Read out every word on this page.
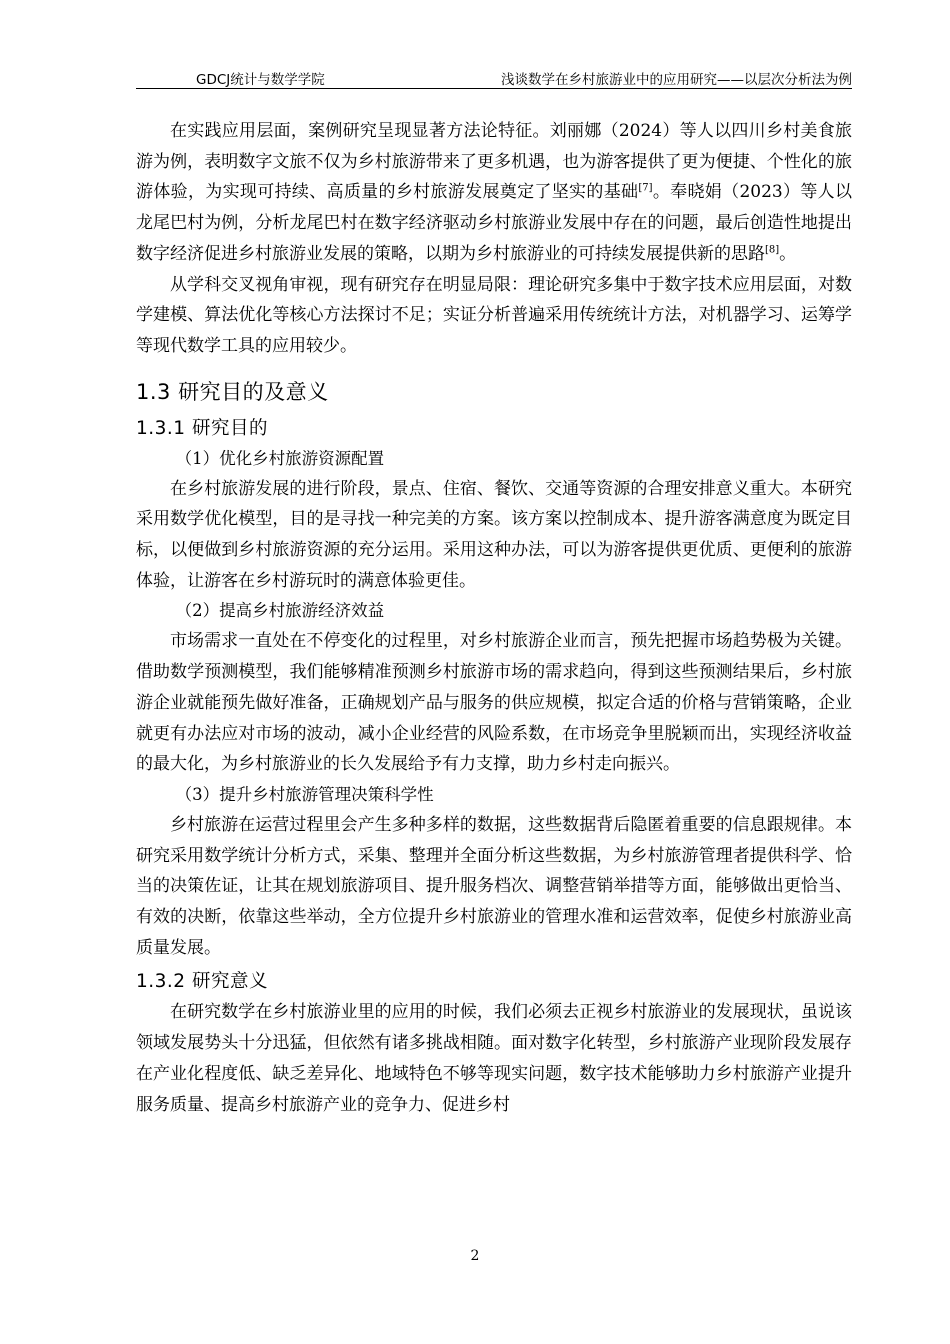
GDCJ统计与数学学院	浅谈数学在乡村旅游业中的应用研究——以层次分析法为例

在实践应用层面，案例研究呈现显著方法论特征。刘丽娜（2024）等人以四川乡村美食旅游为例，表明数字文旅不仅为乡村旅游带来了更多机遇，也为游客提供了更为便捷、个性化的旅游体验，为实现可持续、高质量的乡村旅游发展奠定了坚实的基础[7]。奉晓娟（2023）等人以龙尾巴村为例，分析龙尾巴村在数字经济驱动乡村旅游业发展中存在的问题，最后创造性地提出数字经济促进乡村旅游业发展的策略，以期为乡村旅游业的可持续发展提供新的思路[8]。

从学科交叉视角审视，现有研究存在明显局限：理论研究多集中于数字技术应用层面，对数学建模、算法优化等核心方法探讨不足；实证分析普遍采用传统统计方法，对机器学习、运筹学等现代数学工具的应用较少。

1.3 研究目的及意义
1.3.1 研究目的

（1）优化乡村旅游资源配置

在乡村旅游发展的进行阶段，景点、住宿、餐饮、交通等资源的合理安排意义重大。本研究采用数学优化模型，目的是寻找一种完美的方案。该方案以控制成本、提升游客满意度为既定目标，以便做到乡村旅游资源的充分运用。采用这种办法，可以为游客提供更优质、更便利的旅游体验，让游客在乡村游玩时的满意体验更佳。

（2）提高乡村旅游经济效益

市场需求一直处在不停变化的过程里，对乡村旅游企业而言，预先把握市场趋势极为关键。借助数学预测模型，我们能够精准预测乡村旅游市场的需求趋向，得到这些预测结果后，乡村旅游企业就能预先做好准备，正确规划产品与服务的供应规模，拟定合适的价格与营销策略，企业就更有办法应对市场的波动，减小企业经营的风险系数，在市场竞争里脱颖而出，实现经济收益的最大化，为乡村旅游业的长久发展给予有力支撑，助力乡村走向振兴。

（3）提升乡村旅游管理决策科学性

乡村旅游在运营过程里会产生多种多样的数据，这些数据背后隐匿着重要的信息跟规律。本研究采用数学统计分析方式，采集、整理并全面分析这些数据，为乡村旅游管理者提供科学、恰当的决策佐证，让其在规划旅游项目、提升服务档次、调整营销举措等方面，能够做出更恰当、有效的决断，依靠这些举动，全方位提升乡村旅游业的管理水准和运营效率，促使乡村旅游业高质量发展。

1.3.2 研究意义

在研究数学在乡村旅游业里的应用的时候，我们必须去正视乡村旅游业的发展现状，虽说该领域发展势头十分迅猛，但依然有诸多挑战相随。面对数字化转型，乡村旅游产业现阶段发展存在产业化程度低、缺乏差异化、地域特色不够等现实问题，数字技术能够助力乡村旅游产业提升服务质量、提高乡村旅游产业的竞争力、促进乡村

2
